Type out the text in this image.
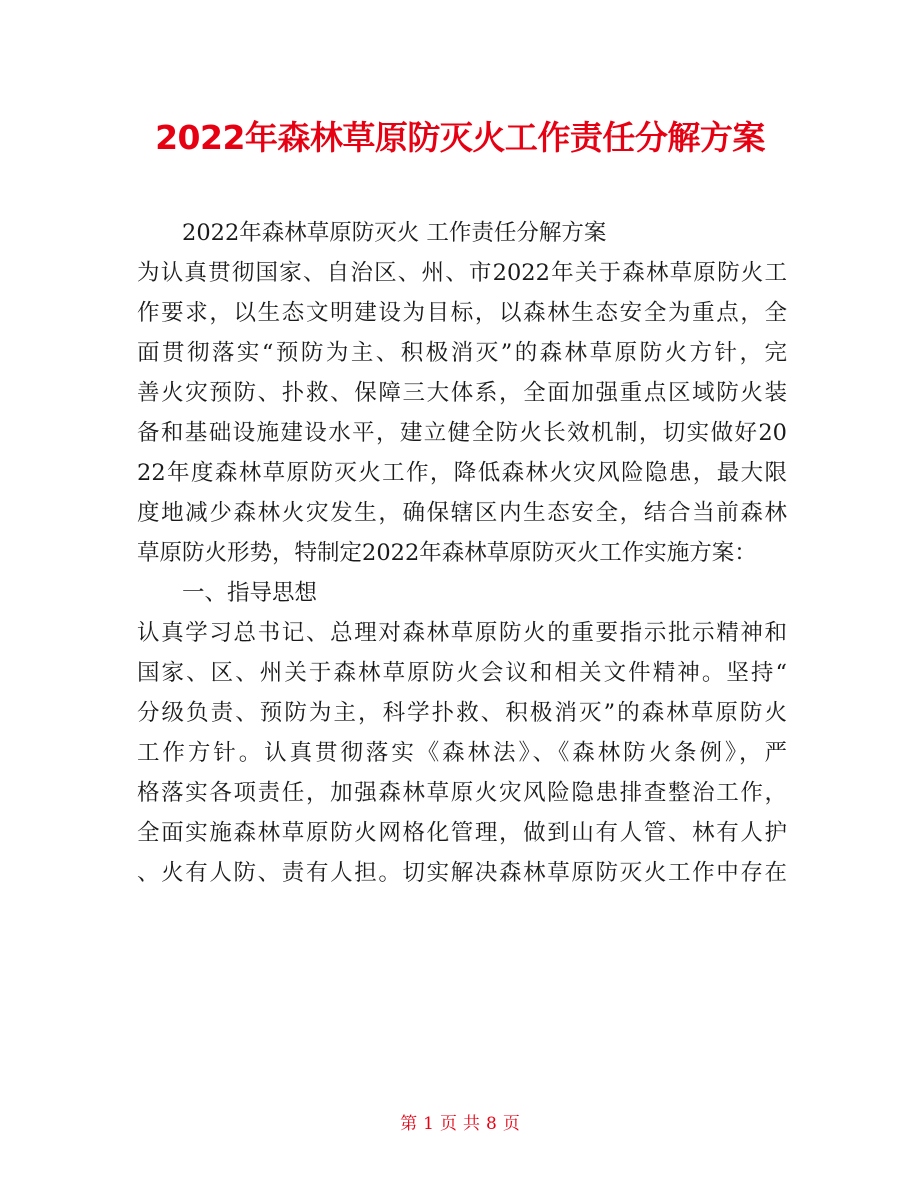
2022年森林草原防灭火工作责任分解方案
2022年森林草原防灭火 工作责任分解方案
为认真贯彻国家、自治区、州、市2022年关于森林草原防火工
作要求，以生态文明建设为目标，以森林生态安全为重点，全
面贯彻落实“预防为主、积极消灭”的森林草原防火方针，完
善火灾预防、扑救、保障三大体系，全面加强重点区域防火装
备和基础设施建设水平，建立健全防火长效机制，切实做好20
22年度森林草原防灭火工作，降低森林火灾风险隐患，最大限
度地减少森林火灾发生，确保辖区内生态安全，结合当前森林
草原防火形势，特制定2022年森林草原防灭火工作实施方案：
一、指导思想
认真学习总书记、总理对森林草原防火的重要指示批示精神和
国家、区、州关于森林草原防火会议和相关文件精神。坚持“
分级负责、预防为主，科学扑救、积极消灭”的森林草原防火
工作方针。认真贯彻落实《森林法》、《森林防火条例》，严
格落实各项责任，加强森林草原火灾风险隐患排查整治工作，
全面实施森林草原防火网格化管理，做到山有人管、林有人护
、火有人防、责有人担。切实解决森林草原防灭火工作中存在
第 1 页 共 8 页
